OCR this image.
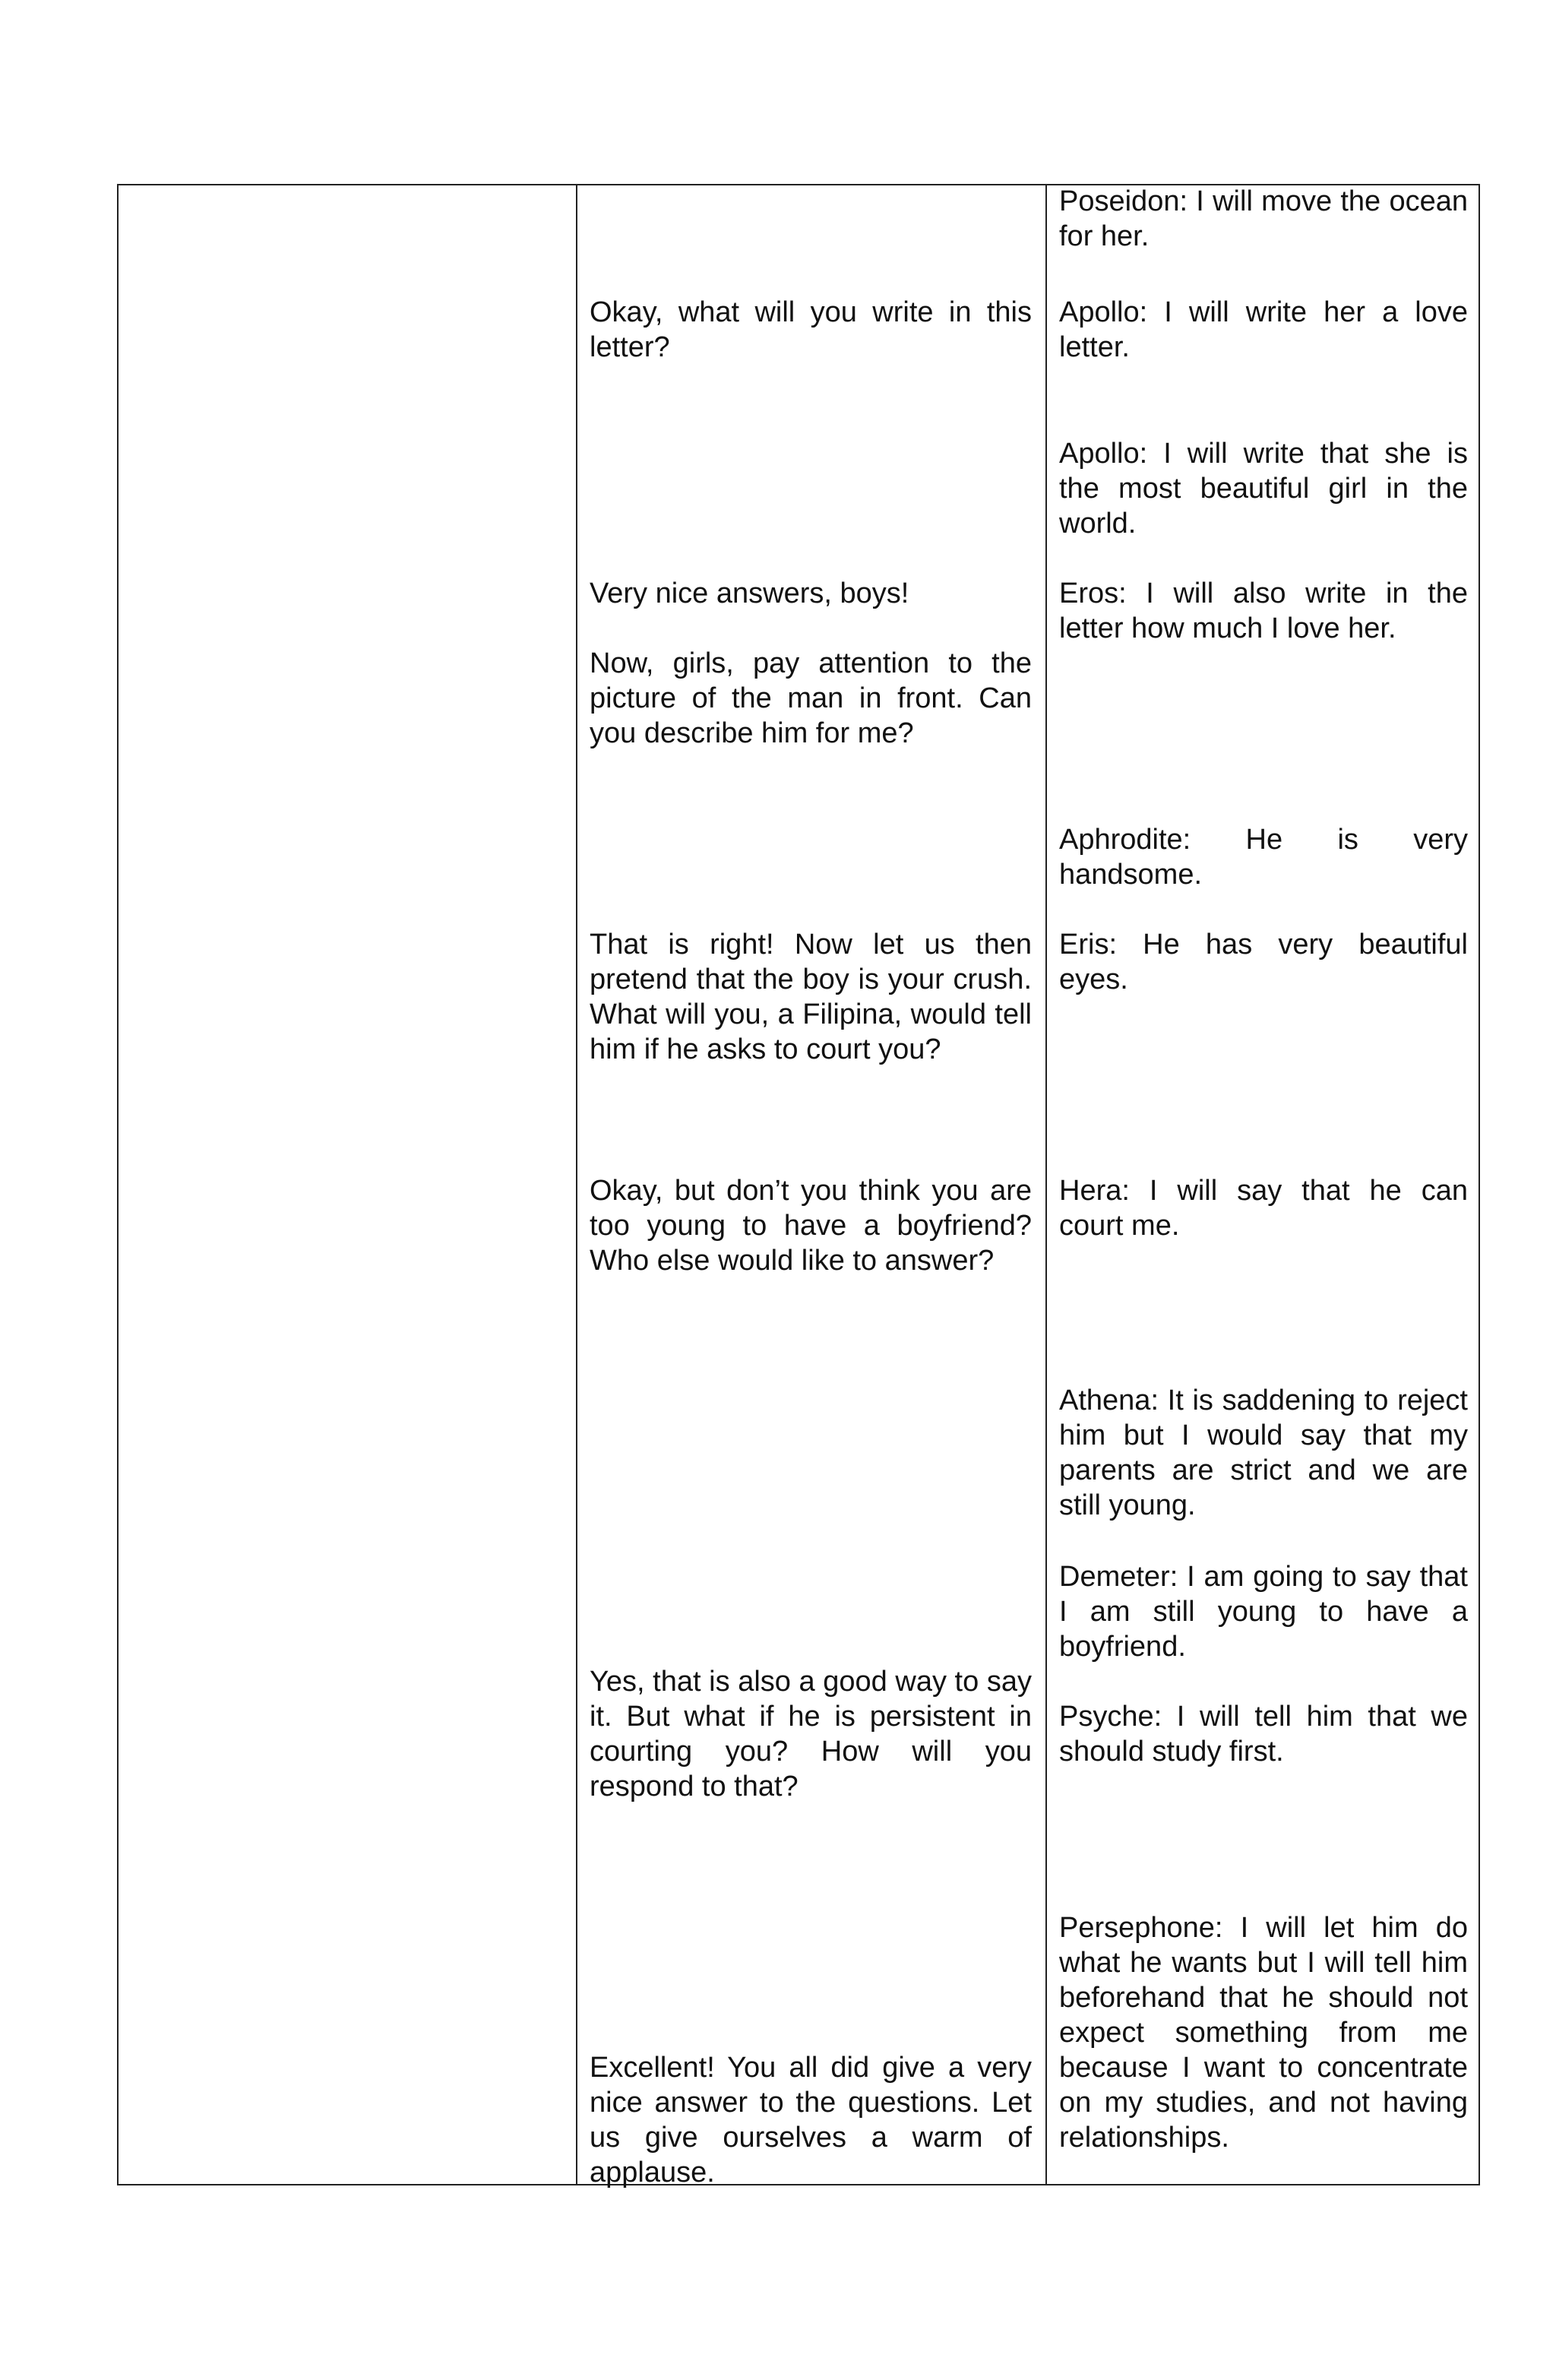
Okay, what will you write in this letter?

Very nice answers, boys!

Now, girls, pay attention to the picture of the man in front. Can you describe him for me?

That is right! Now let us then pretend that the boy is your crush. What will you, a Filipina, would tell him if he asks to court you?

Okay, but don’t you think you are too young to have a boyfriend? Who else would like to answer?

Yes, that is also a good way to say it. But what if he is persistent in courting you? How will you respond to that?

Excellent! You all did give a very nice answer to the questions. Let us give ourselves a warm of applause.

Poseidon: I will move the ocean for her.

Apollo: I will write her a love letter.

Apollo: I will write that she is the most beautiful girl in the world.

Eros: I will also write in the letter how much I love her.

Aphrodite: He is very handsome.

Eris: He has very beautiful eyes.

Hera: I will say that he can court me.

Athena: It is saddening to reject him but I would say that my parents are strict and we are still young.

Demeter: I am going to say that I am still young to have a boyfriend.

Psyche: I will tell him that we should study first.

Persephone: I will let him do what he wants but I will tell him beforehand that he should not expect something from me because I want to concentrate on my studies, and not having relationships.
